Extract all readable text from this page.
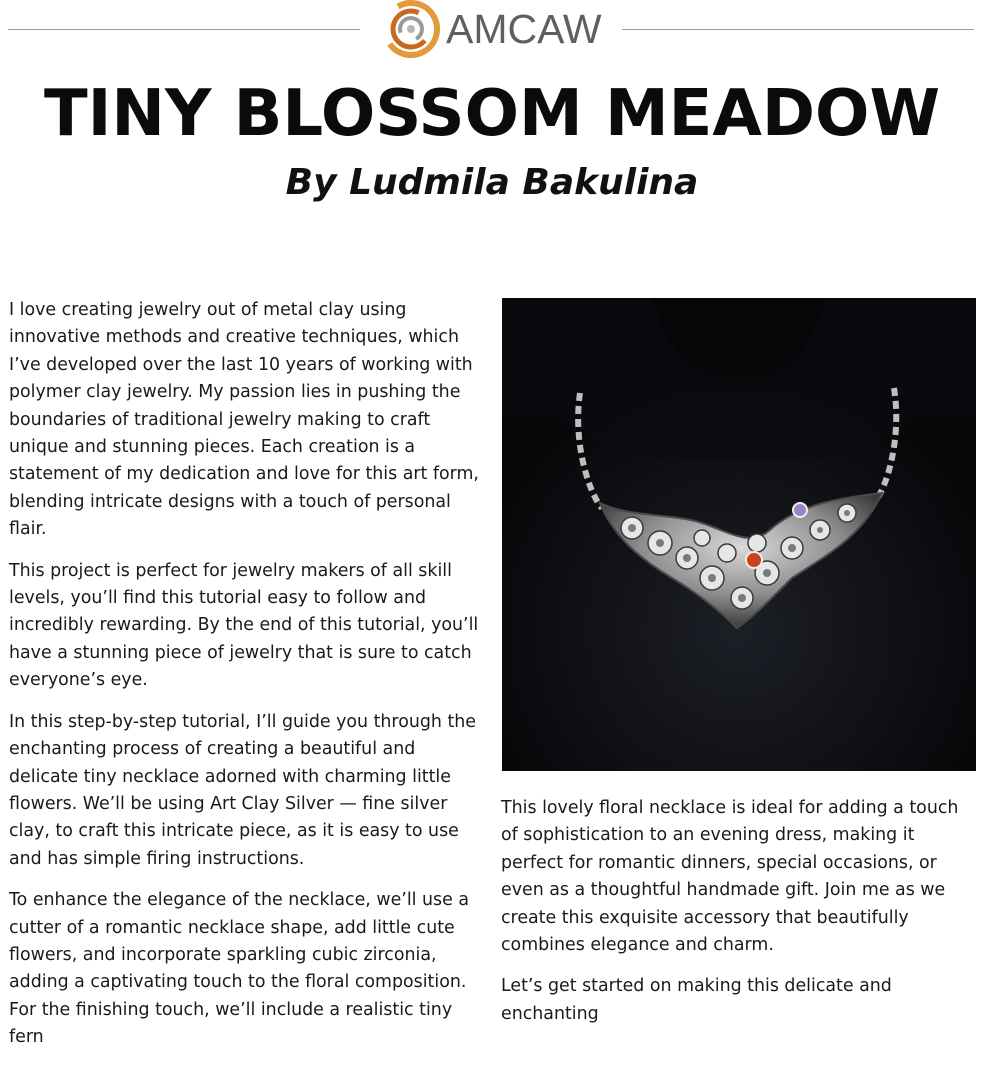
AMCAW
TINY BLOSSOM MEADOW
By Ludmila Bakulina

I love creating jewelry out of metal clay using innovative methods and creative techniques, which I’ve developed over the last 10 years of working with polymer clay jewelry. My passion lies in pushing the boundaries of traditional jewelry making to craft unique and stunning pieces. Each creation is a statement of my dedication and love for this art form, blending intricate designs with a touch of personal flair.

This project is perfect for jewelry makers of all skill levels, you’ll find this tutorial easy to follow and incredibly rewarding. By the end of this tutorial, you’ll have a stunning piece of jewelry that is sure to catch everyone’s eye.

In this step-by-step tutorial, I’ll guide you through the enchanting process of creating a beautiful and delicate tiny necklace adorned with charming little flowers. We’ll be using Art Clay Silver — fine silver clay, to craft this intricate piece, as it is easy to use and has simple firing instructions.

To enhance the elegance of the necklace, we’ll use a cutter of a romantic necklace shape, add little cute flowers, and incorporate sparkling cubic zirconia, adding a captivating touch to the floral composition. For the finishing touch, we’ll include a realistic tiny fern

This lovely floral necklace is ideal for adding a touch of sophistication to an evening dress, making it perfect for romantic dinners, special occasions, or even as a thoughtful handmade gift. Join me as we create this exquisite accessory that beautifully combines elegance and charm.

Let’s get started on making this delicate and enchanting
